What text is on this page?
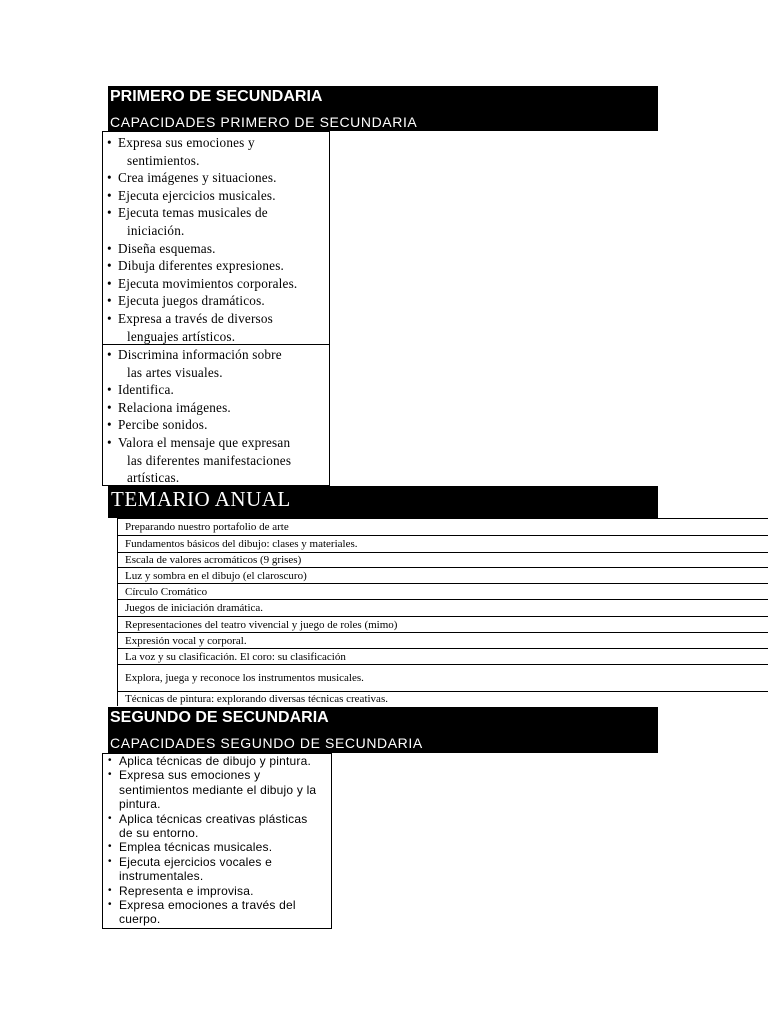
PRIMERO DE SECUNDARIA
CAPACIDADES PRIMERO DE SECUNDARIA
• Expresa sus emociones y
sentimientos.
• Crea imágenes y situaciones.
• Ejecuta ejercicios musicales.
• Ejecuta temas musicales de
iniciación.
• Diseña esquemas.
• Dibuja diferentes expresiones.
• Ejecuta movimientos corporales.
• Ejecuta juegos dramáticos.
• Expresa a través de diversos
lenguajes artísticos.
• Discrimina información sobre
las artes visuales.
• Identifica.
• Relaciona imágenes.
• Percibe sonidos.
• Valora el mensaje que expresan
las diferentes manifestaciones
artísticas.
TEMARIO ANUAL
Preparando nuestro portafolio de arte
Fundamentos básicos del dibujo: clases y materiales.
Escala de valores acromáticos (9 grises)
Luz y sombra en el dibujo (el claroscuro)
Círculo Cromático
Juegos de iniciación dramática.
Representaciones del teatro vivencial y juego de roles (mimo)
Expresión vocal y corporal.
La voz y su clasificación. El coro: su clasificación
Explora, juega y reconoce los instrumentos musicales.
Técnicas de pintura: explorando diversas técnicas creativas.
SEGUNDO DE SECUNDARIA
CAPACIDADES SEGUNDO DE SECUNDARIA
• Aplica técnicas de dibujo y pintura.
• Expresa sus emociones y
sentimientos mediante el dibujo y la
pintura.
• Aplica técnicas creativas plásticas
de su entorno.
• Emplea técnicas musicales.
• Ejecuta ejercicios vocales e
instrumentales.
• Representa e improvisa.
• Expresa emociones a través del
cuerpo.
